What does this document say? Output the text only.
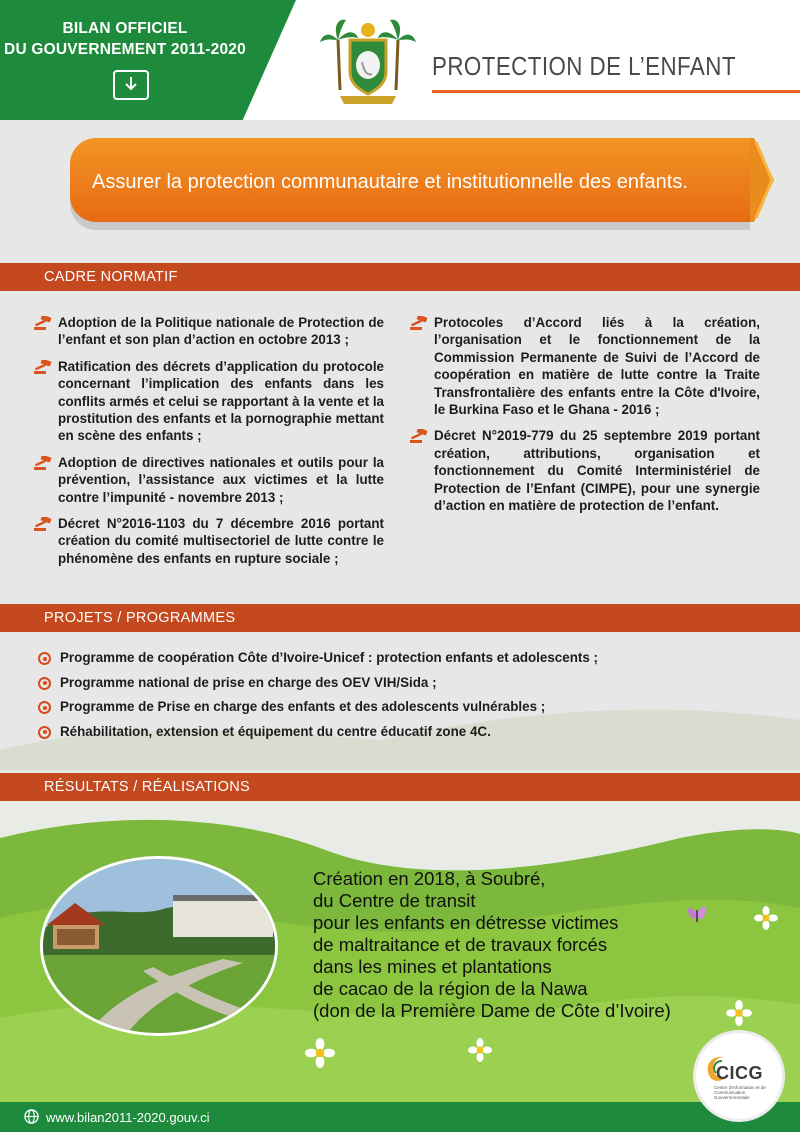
BILAN OFFICIEL
DU GOUVERNEMENT 2011-2020
PROTECTION DE L’ENFANT
Assurer la protection communautaire et institutionnelle des enfants.
CADRE NORMATIF
Adoption de la Politique nationale de Protection de l’enfant et son plan d’action en octobre 2013 ;
Ratification des décrets d’application du protocole concernant l’implication des enfants dans les conflits armés et celui se rapportant à la vente et la prostitution des enfants et la pornographie mettant en scène des enfants ;
Adoption de directives nationales et outils pour la prévention, l’assistance aux victimes et la lutte contre l’impunité - novembre 2013 ;
Décret N°2016-1103 du 7 décembre 2016 portant création du comité multisectoriel de lutte contre le phénomène des enfants en rupture sociale ;
Protocoles d’Accord liés à la création, l’organisation et le fonctionnement de la Commission Permanente de Suivi de l’Accord de coopération en matière de lutte contre la Traite Transfrontalière des enfants entre la Côte d'Ivoire, le Burkina Faso et le Ghana - 2016 ;
Décret N°2019-779 du 25 septembre 2019 portant création, attributions, organisation et fonctionnement du Comité Interministériel de Protection de l’Enfant (CIMPE), pour une synergie d’action en matière de protection de l’enfant.
PROJETS / PROGRAMMES
Programme de coopération Côte d’Ivoire-Unicef : protection enfants et adolescents ;
Programme national de prise en charge des OEV VIH/Sida ;
Programme de Prise en charge des enfants et des adolescents vulnérables ;
Réhabilitation, extension et équipement du centre éducatif zone 4C.
RÉSULTATS / RÉALISATIONS
Création en 2018, à Soubré,
du Centre de transit
pour les enfants en détresse victimes
de maltraitance et de travaux forcés
dans les mines et plantations
de cacao de la région de la Nawa
(don de la Première Dame de Côte d’Ivoire)
www.bilan2011-2020.gouv.ci
CICG
Centre d'Information et de Communication Gouvernementale
